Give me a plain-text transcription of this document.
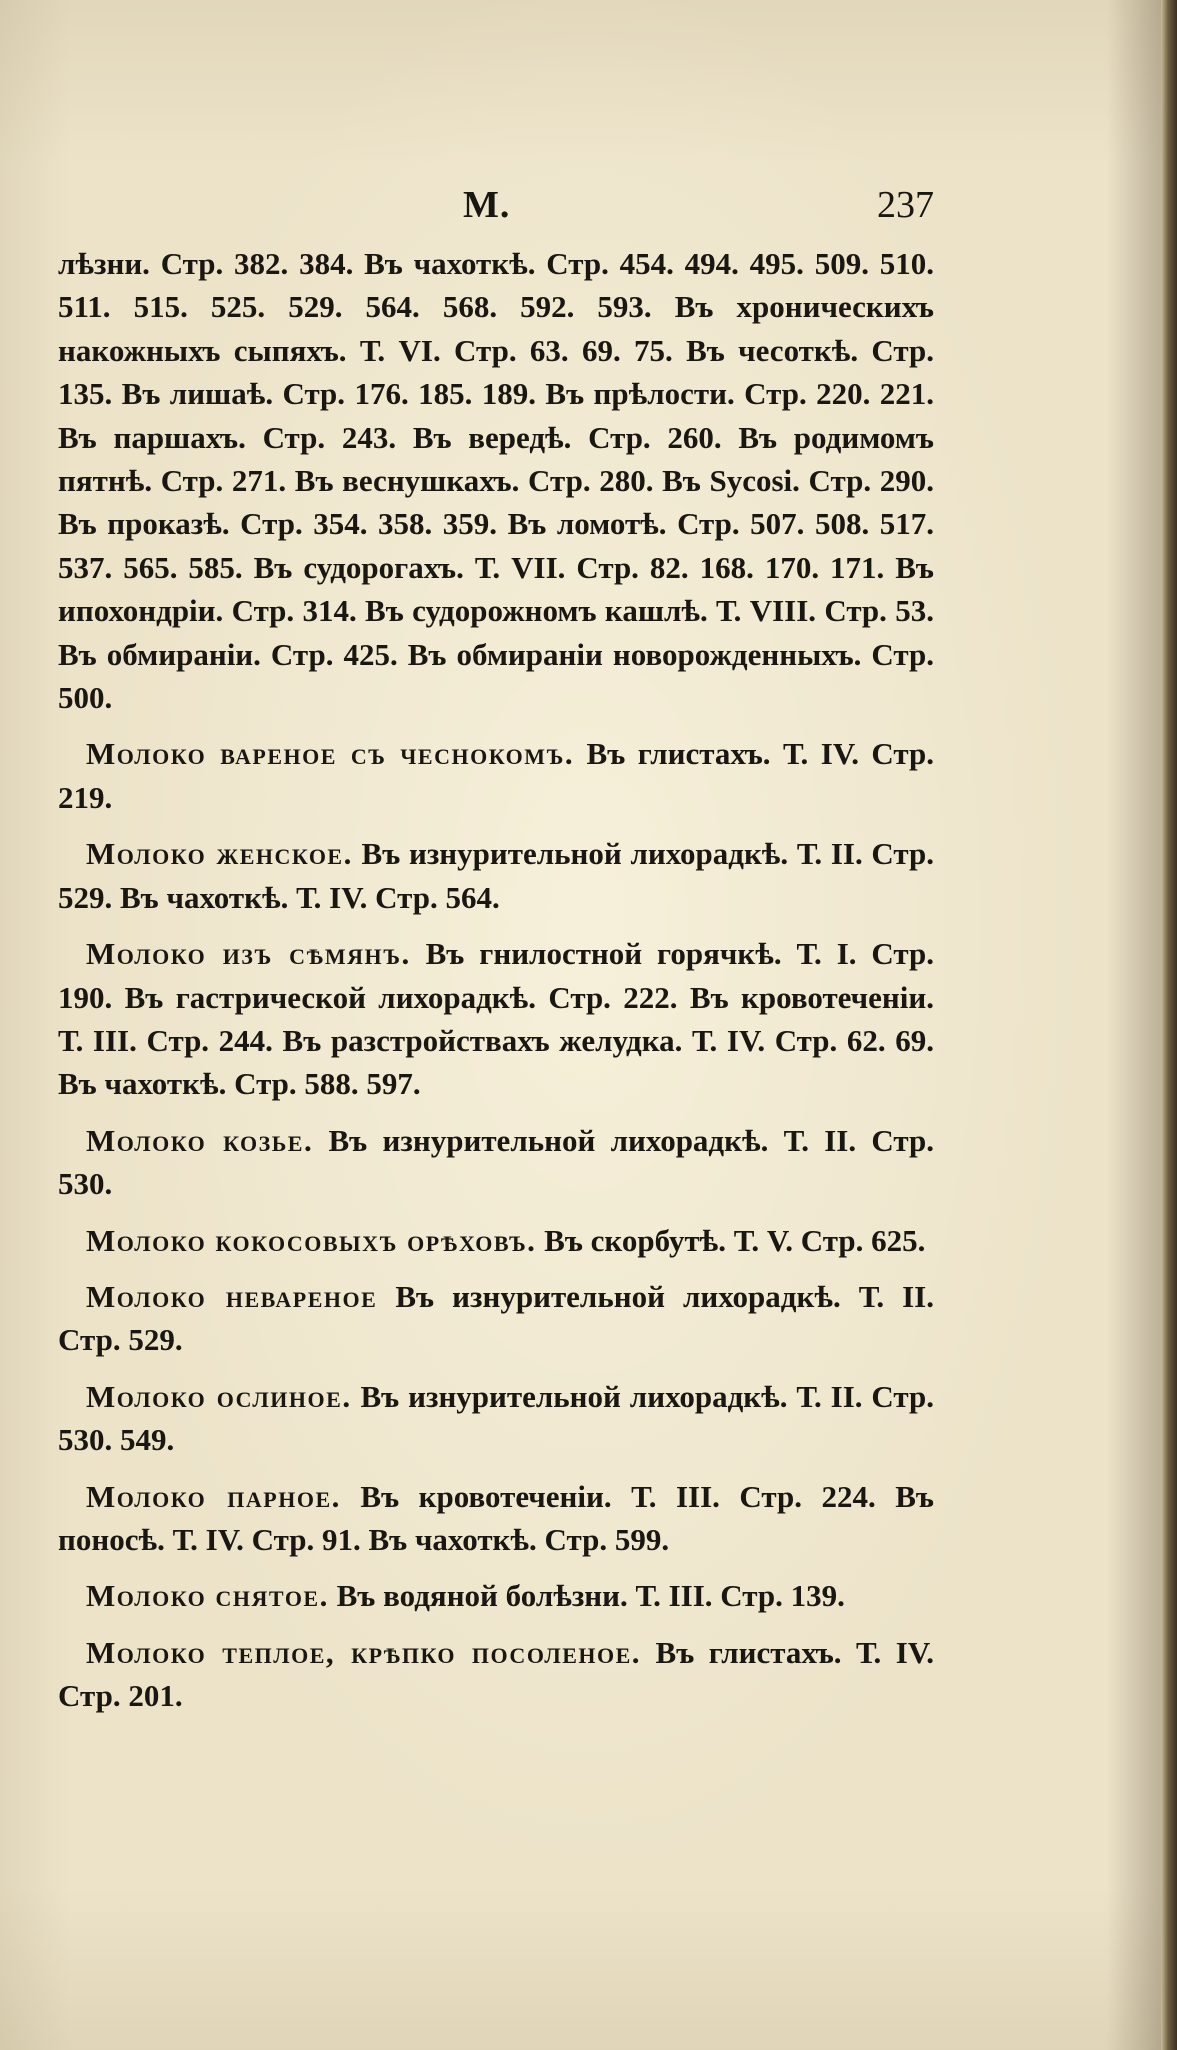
М.	237

лѣзни. Стр. 382. 384. Въ чахоткѣ. Стр. 454. 494. 495. 509. 510. 511. 515. 525. 529. 564. 568. 592. 593. Въ хроническихъ накожныхъ сыпяхъ. Т. VI. Стр. 63. 69. 75. Въ чесоткѣ. Стр. 135. Въ лишаѣ. Стр. 176. 185. 189. Въ прѣлости. Стр. 220. 221. Въ паршахъ. Стр. 243. Въ вередѣ. Стр. 260. Въ родимомъ пятнѣ. Стр. 271. Въ веснушкахъ. Стр. 280. Въ Sycosi. Стр. 290. Въ проказѣ. Стр. 354. 358. 359. Въ ломотѣ. Стр. 507. 508. 517. 537. 565. 585. Въ судорогахъ. Т. VII. Стр. 82. 168. 170. 171. Въ ипохондріи. Стр. 314. Въ судорожномъ кашлѣ. Т. VIII. Стр. 53. Въ обмираніи. Стр. 425. Въ обмираніи новорожденныхъ. Стр. 500.

Молоко вареное съ чеснокомъ. Въ глистахъ. Т. IV. Стр. 219.

Молоко женское. Въ изнурительной лихорадкѣ. Т. II. Стр. 529. Въ чахоткѣ. Т. IV. Стр. 564.

Молоко изъ сѣмянъ. Въ гнилостной горячкѣ. Т. I. Стр. 190. Въ гастрической лихорадкѣ. Стр. 222. Въ кровотеченіи. Т. III. Стр. 244. Въ разстройствахъ желудка. Т. IV. Стр. 62. 69. Въ чахоткѣ. Стр. 588. 597.

Молоко козье. Въ изнурительной лихорадкѣ. Т. II. Стр. 530.

Молоко кокосовыхъ орѣховъ. Въ скорбутѣ. Т. V. Стр. 625.

Молоко невареное Въ изнурительной лихорадкѣ. Т. II. Стр. 529.

Молоко ослиное. Въ изнурительной лихорадкѣ. Т. II. Стр. 530. 549.

Молоко парное. Въ кровотеченіи. Т. III. Стр. 224. Въ поносѣ. Т. IV. Стр. 91. Въ чахоткѣ. Стр. 599.

Молоко снятое. Въ водяной болѣзни. Т. III. Стр. 139.

Молоко теплое, крѣпко посоленое. Въ глистахъ. Т. IV. Стр. 201.
